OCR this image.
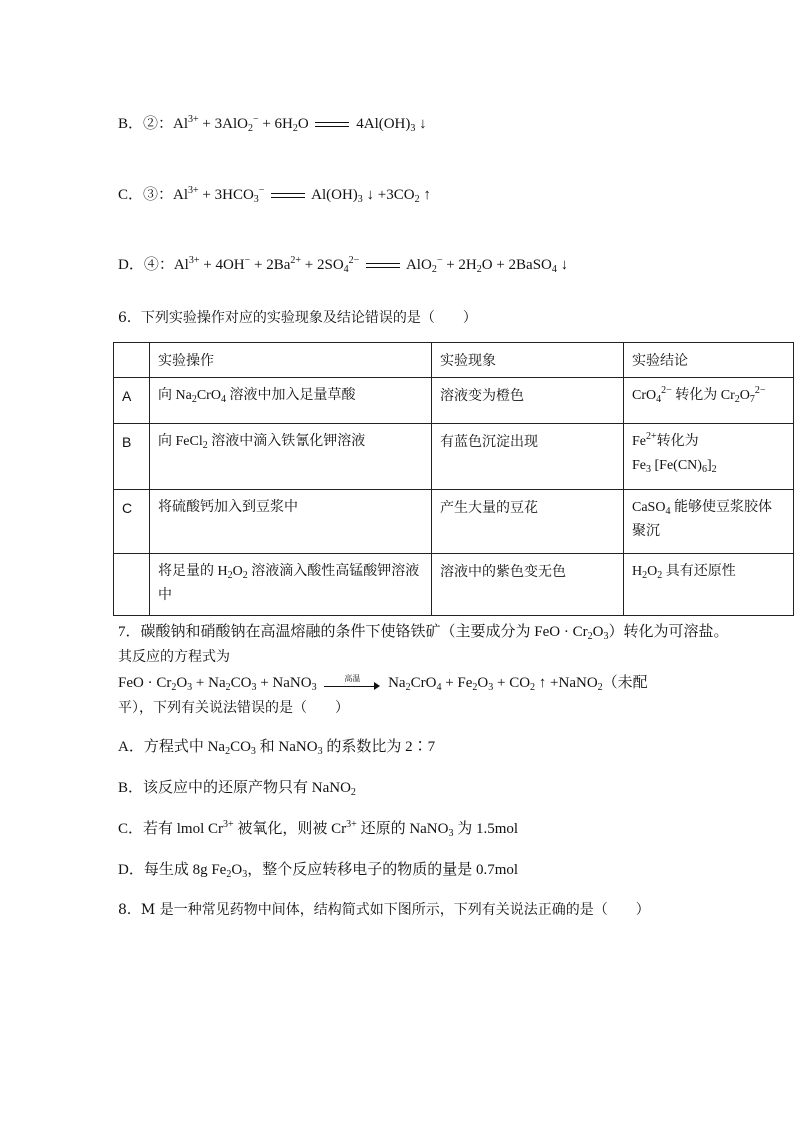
B．②：$Al^{3+} + 3AlO_2^- + 6H_2O$	$4Al(OH)_3$ ↓
C．③：$Al^{3+} + 3HCO_3^-$	$Al(OH)_3$ ↓ $+3CO_2$ ↑
D．④：$Al^{3+} + 4OH^- + 2Ba^{2+} + 2SO_4^{2-}$	$AlO_2^- + 2H_2O$ + 2BaSO$_4$ ↓
6．下列实验操作对应的实验现象及结论错误的是（　　）
	实验操作	实验现象	实验结论
A	向 $Na_2CrO_4$ 溶液中加入足量草酸	溶液变为橙色	CrO$_4^{2-}$ 转化为 $Cr_2O_7^{2-}$
B	向 FeCl$_2$ 溶液中滴入铁氰化钾溶液	有蓝色沉淀出现	$Fe^{2+}$转化为
$Fe_3$ $[Fe(CN)_6]_2$
C	将硫酸钙加入到豆浆中	产生大量的豆花	CaSO$_4$ 能够使豆浆胶体
聚沉
	将足量的 $H_2O_2$ 溶液滴入酸性高锰酸钾溶液
中	溶液中的紫色变无色	$H_2O_2$ 具有还原性
7．碳酸钠和硝酸钠在高温熔融的条件下使铬铁矿（主要成分为 FeO · $Cr_2O_3$）转化为可溶盐。
其反应的方程式为
FeO · $Cr_2O_3 + Na_2CO_3$ + NaNO$_3$
高温	$Na_2CrO_4 + Fe_2O_3 + CO_2$ ↑ +NaNO$_2$（未配
平），下列有关说法错误的是（　　）
A．方程式中 $Na_2CO_3$ 和 NaNO$_3$ 的系数比为 2∶7
B．该反应中的还原产物只有 NaNO$_2$
C．若有 lmol $Cr^{3+}$ 被氧化，则被 $Cr^{3+}$ 还原的 NaNO$_3$ 为 1.5mol
D．每生成 8g $Fe_2O_3$，整个反应转移电子的物质的量是 0.7mol
8．M 是一种常见药物中间体，结构简式如下图所示，下列有关说法正确的是（　　）
